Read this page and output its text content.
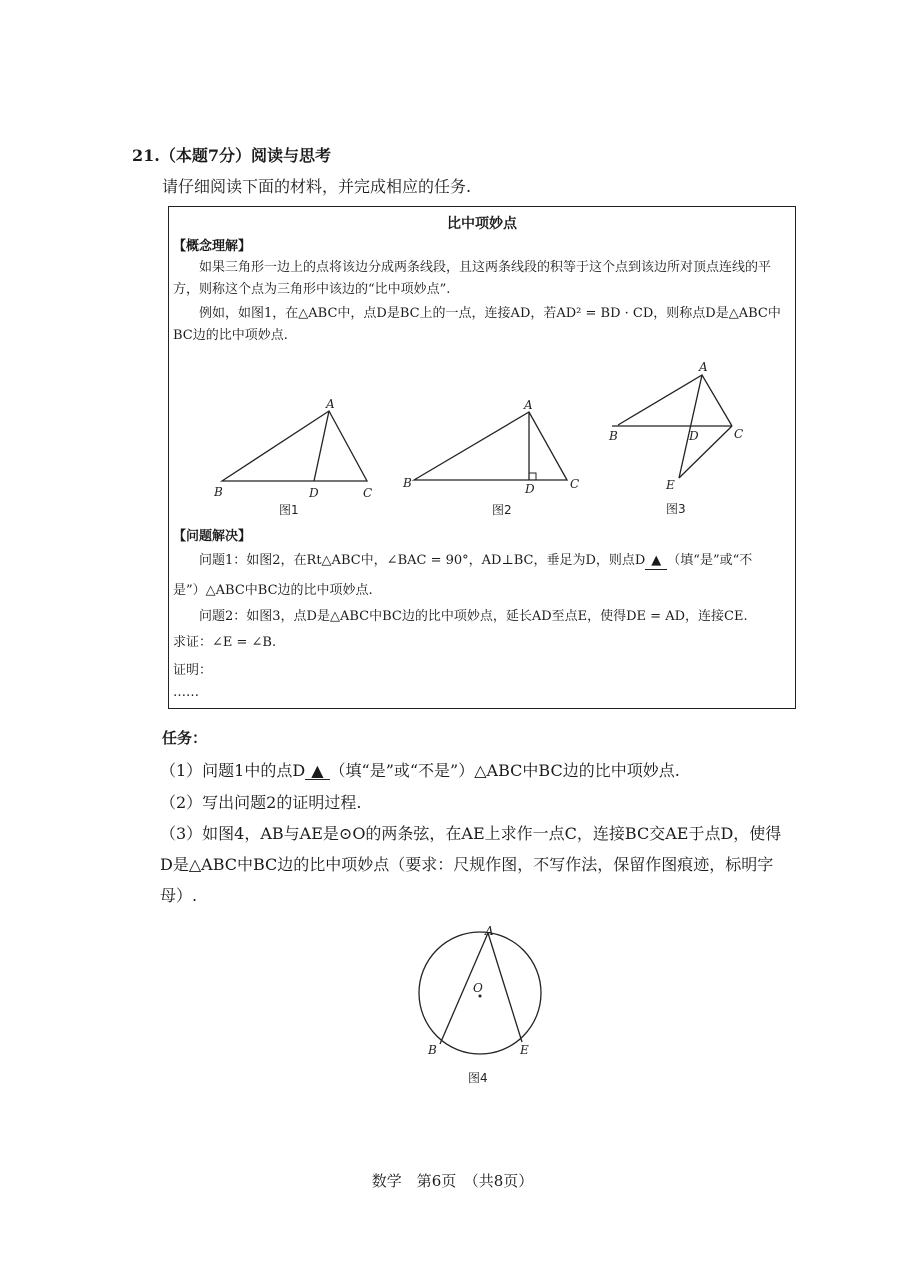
21.（本题7分）阅读与思考
请仔细阅读下面的材料，并完成相应的任务.
比中项妙点
【概念理解】
如果三角形一边上的点将该边分成两条线段，且这两条线段的积等于这个点到该边所对顶点连线的平方，则称这个点为三角形中该边的“比中项妙点”.
例如，如图1，在△ABC中，点D是BC上的一点，连接AD，若AD² = BD · CD，则称点D是△ABC中BC边的比中项妙点.
A
B	D	C
图1
A
B	D	C
图2
A
B	D	C
E
图3
【问题解决】
问题1：如图2，在Rt△ABC中，∠BAC = 90°，AD⊥BC，垂足为D，则点D ▲ （填“是”或“不
是”）△ABC中BC边的比中项妙点.
问题2：如图3，点D是△ABC中BC边的比中项妙点，延长AD至点E，使得DE = AD，连接CE.
求证：∠E = ∠B.
证明：
……
任务：
（1）问题1中的点D ▲ （填“是”或“不是”）△ABC中BC边的比中项妙点.
（2）写出问题2的证明过程.
（3）如图4，AB与AE是⊙O的两条弦，在AE上求作一点C，连接BC交AE于点D，使得D是△ABC中BC边的比中项妙点（要求：尺规作图，不写作法，保留作图痕迹，标明字母）.
A
O
B	E
图4
数学　第6页　（共8页）
